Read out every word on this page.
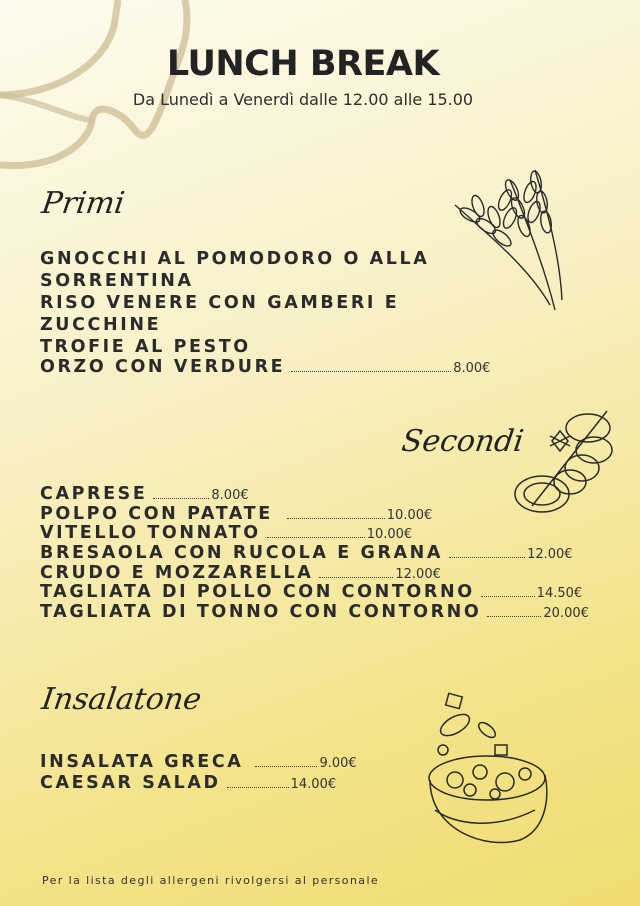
LUNCH BREAK
Da Lunedì a Venerdì dalle 12.00 alle 15.00
Primi
GNOCCHI AL POMODORO O ALLA
SORRENTINA
RISO VENERE CON GAMBERI E
ZUCCHINE
TROFIE AL PESTO
ORZO CON VERDURE	8.00€
Secondi
CAPRESE	8.00€
POLPO CON PATATE	10.00€
VITELLO TONNATO	10.00€
BRESAOLA CON RUCOLA E GRANA	12.00€
CRUDO E MOZZARELLA	12.00€
TAGLIATA DI POLLO CON CONTORNO	14.50€
TAGLIATA DI TONNO CON CONTORNO	20.00€
Insalatone
INSALATA GRECA	9.00€
CAESAR SALAD	14.00€
Per la lista degli allergeni rivolgersi al personale
